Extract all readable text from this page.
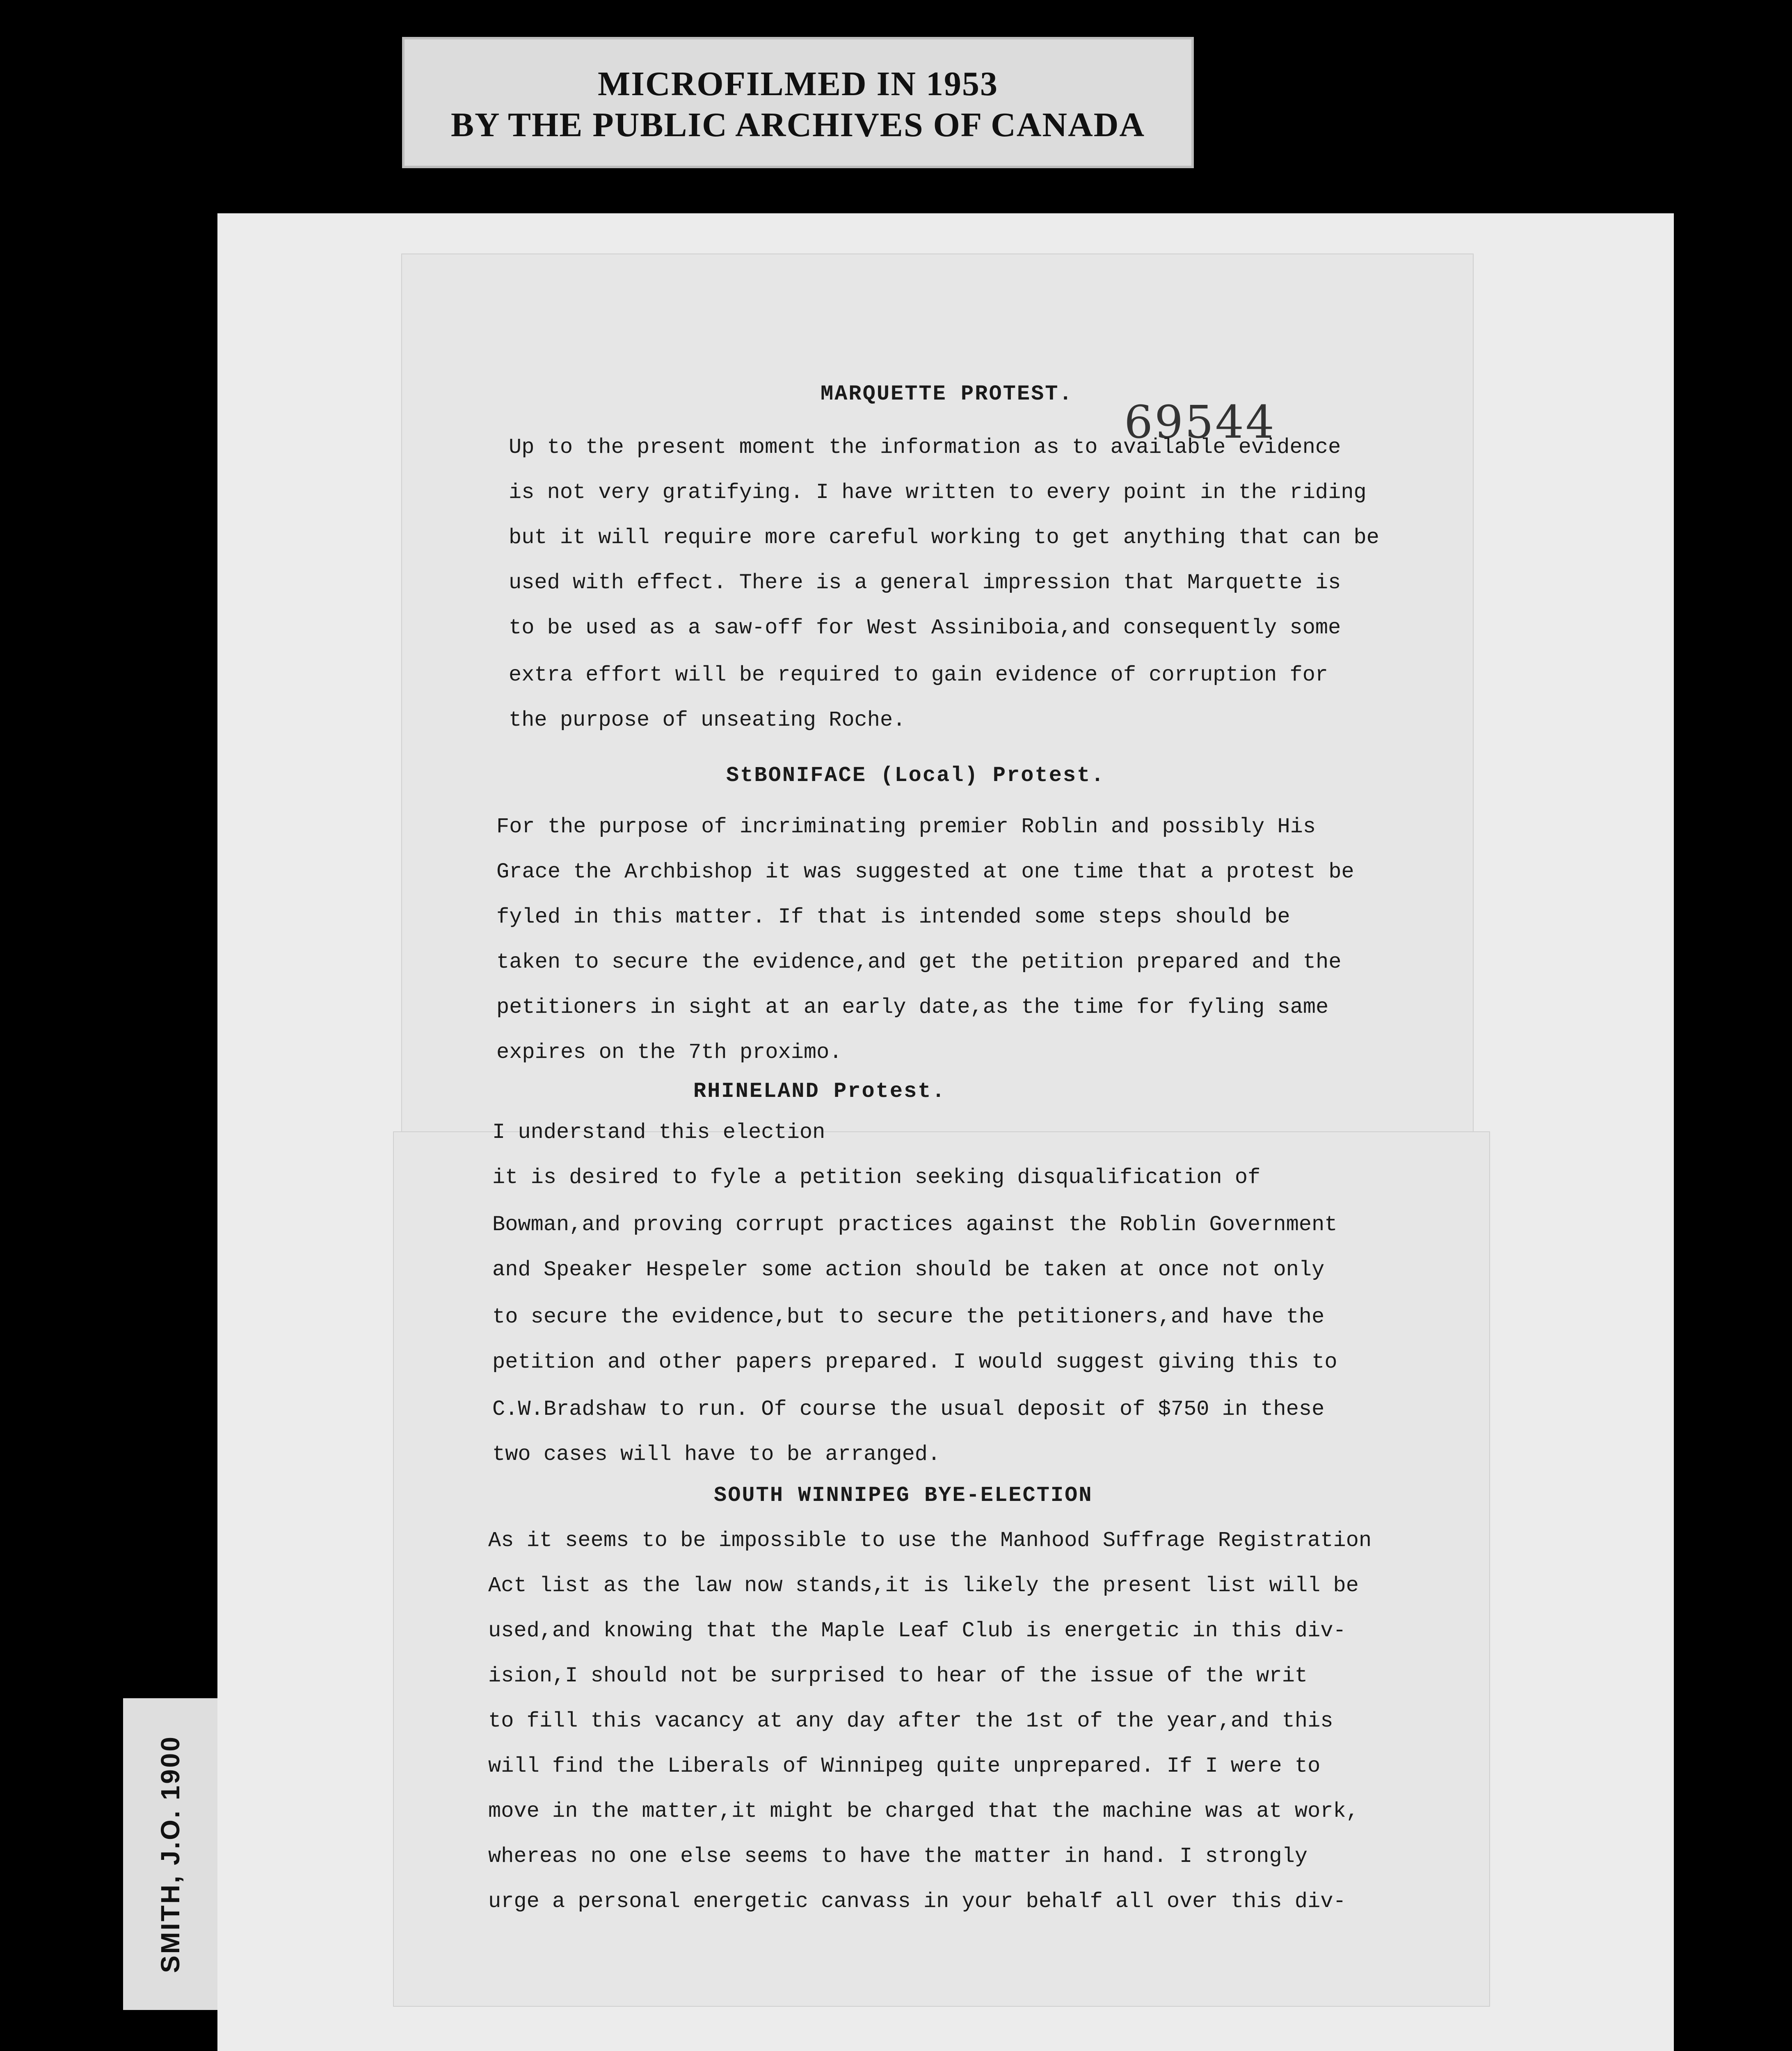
MICROFILMED IN 1953
BY THE PUBLIC ARCHIVES OF CANADA
69544
MARQUETTE PROTEST.
Up to the present moment the information as to available evidence
is not very gratifying. I have written to every point in the riding
but it will require more careful working to get anything that can be
used with effect. There is a general impression that Marquette is
to be used as a saw-off for West Assiniboia,and consequently some
extra effort will be required to gain evidence of corruption for
the purpose of unseating Roche.
StBONIFACE (Local) Protest.
For the purpose of incriminating premier Roblin and possibly His
Grace the Archbishop it was suggested at one time that a protest be
fyled in this matter. If that is intended some steps should be
taken to secure the evidence,and get the petition prepared and the
petitioners in sight at an early date,as the time for fyling same
expires on the 7th proximo.
RHINELAND Protest.
I understand this election
it is desired to fyle a petition seeking disqualification of
Bowman,and proving corrupt practices against the Roblin Government
and Speaker Hespeler some action should be taken at once not only
to secure the evidence,but to secure the petitioners,and have the
petition and other papers prepared. I would suggest giving this to
C.W.Bradshaw to run. Of course the usual deposit of $750 in these
two cases will have to be arranged.
SOUTH WINNIPEG BYE-ELECTION
As it seems to be impossible to use the Manhood Suffrage Registration
Act list as the law now stands,it is likely the present list will be
used,and knowing that the Maple Leaf Club is energetic in this div-
ision,I should not be surprised to hear of the issue of the writ
to fill this vacancy at any day after the 1st of the year,and this
will find the Liberals of Winnipeg quite unprepared. If I were to
move in the matter,it might be charged that the machine was at work,
whereas no one else seems to have the matter in hand. I strongly
urge a personal energetic canvass in your behalf all over this div-
SMITH, J.O. 1900
